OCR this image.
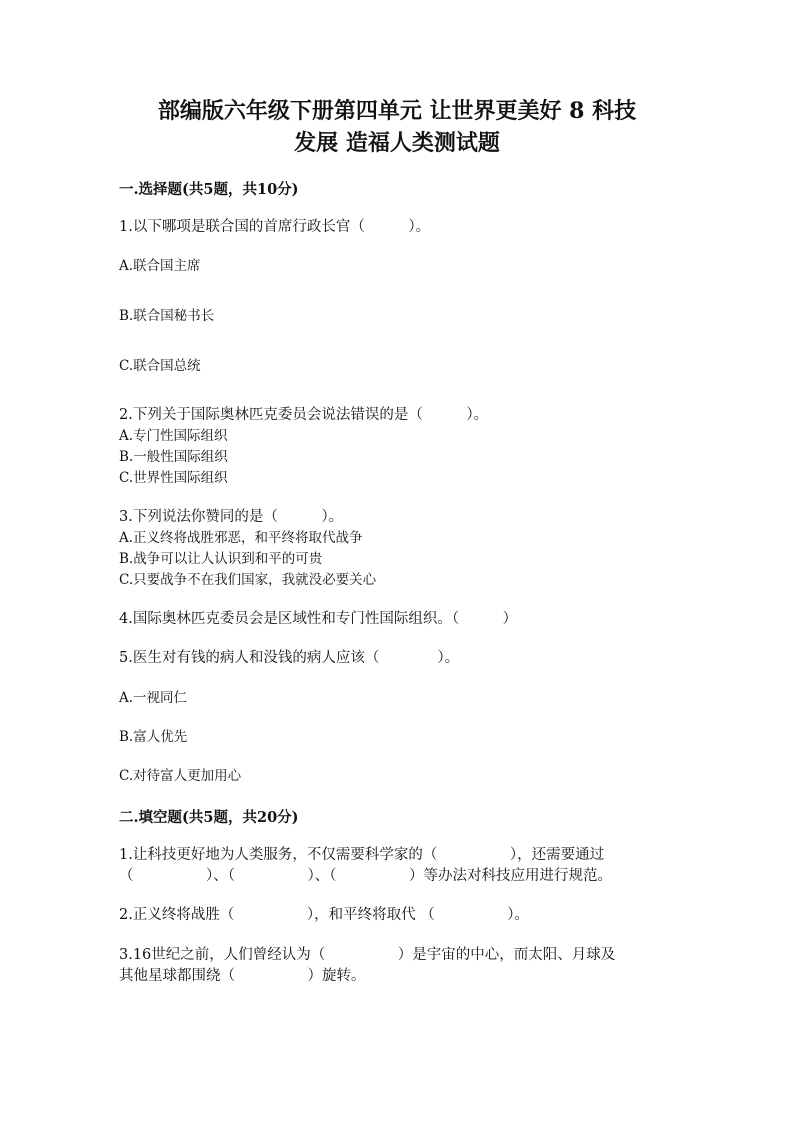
部编版六年级下册第四单元 让世界更美好 8 科技
发展 造福人类测试题
一.选择题(共5题，共10分)
1.以下哪项是联合国的首席行政长官（　　　）。
A.联合国主席
B.联合国秘书长
C.联合国总统
2.下列关于国际奥林匹克委员会说法错误的是（　　　）。
A.专门性国际组织
B.一般性国际组织
C.世界性国际组织
3.下列说法你赞同的是（　　　）。
A.正义终将战胜邪恶，和平终将取代战争
B.战争可以让人认识到和平的可贵
C.只要战争不在我们国家，我就没必要关心
4.国际奥林匹克委员会是区域性和专门性国际组织。（　　　）
5.医生对有钱的病人和没钱的病人应该（　　　　）。
A.一视同仁
B.富人优先
C.对待富人更加用心
二.填空题(共5题，共20分)
1.让科技更好地为人类服务，不仅需要科学家的（　　　　　），还需要通过
（　　　　　）、（　　　　　）、（　　　　　）等办法对科技应用进行规范。
2.正义终将战胜（　　　　　），和平终将取代 （　　　　　）。
3.16世纪之前，人们曾经认为（　　　　　）是宇宙的中心，而太阳、月球及
其他星球都围绕（　　　　　）旋转。
